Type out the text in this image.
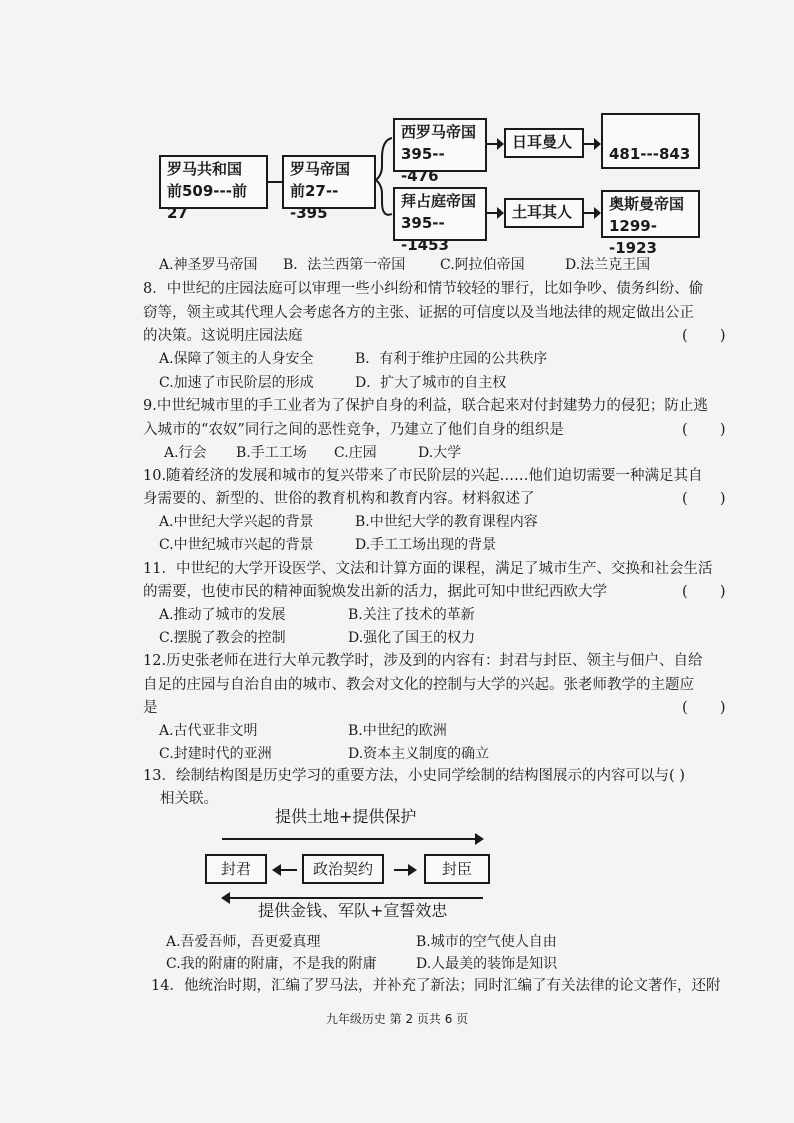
罗马共和国
前509---前27
罗马帝国
前27---395
西罗马帝国
395---476
拜占庭帝国
395---1453
日耳曼人
土耳其人
481---843
奥斯曼帝国
1299--1923
A.神圣罗马帝国 B．法兰西第一帝国 C.阿拉伯帝国	D.法兰克王国
8．中世纪的庄园法庭可以审理一些小纠纷和情节较轻的罪行，比如争吵、债务纠纷、偷
窃等，领主或其代理人会考虑各方的主张、证据的可信度以及当地法律的规定做出公正
的决策。这说明庄园法庭	(       )
A.保障了领主的人身安全	B．有利于维护庄园的公共秩序
C.加速了市民阶层的形成	D．扩大了城市的自主权
9.中世纪城市里的手工业者为了保护自身的利益，联合起来对付封建势力的侵犯；防止逃
入城市的“农奴”同行之间的恶性竞争，乃建立了他们自身的组织是	(       )
A.行会 B.手工工场 C.庄园	D.大学
10.随着经济的发展和城市的复兴带来了市民阶层的兴起……他们迫切需要一种满足其自
身需要的、新型的、世俗的教育机构和教育内容。材料叙述了	(       )
A.中世纪大学兴起的背景	B.中世纪大学的教育课程内容
C.中世纪城市兴起的背景	D.手工工场出现的背景
11．中世纪的大学开设医学、文法和计算方面的课程，满足了城市生产、交换和社会生活
的需要，也使市民的精神面貌焕发出新的活力，据此可知中世纪西欧大学	(       )
A.推动了城市的发展	B.关注了技术的革新
C.摆脱了教会的控制	D.强化了国王的权力
12.历史张老师在进行大单元教学时，涉及到的内容有：封君与封臣、领主与佃户、自给
自足的庄园与自治自由的城市、教会对文化的控制与大学的兴起。张老师教学的主题应
是	(       )
A.古代亚非文明	B.中世纪的欧洲
C.封建时代的亚洲	D.资本主义制度的确立
13．绘制结构图是历史学习的重要方法，小史同学绘制的结构图展示的内容可以与( )
相关联。
提供土地+提供保护
封君	政治契约	封臣
提供金钱、军队+宣誓效忠
A.吾爱吾师，吾更爱真理	B.城市的空气使人自由
C.我的附庸的附庸，不是我的附庸	D.人最美的装饰是知识
14．他统治时期，汇编了罗马法，并补充了新法；同时汇编了有关法律的论文著作，还附
九年级历史 第 2 页共 6 页
